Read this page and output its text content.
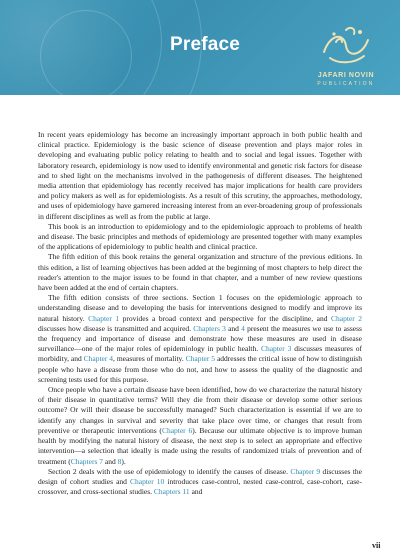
Preface
JAFARI NOVIN
PUBLICATION

In recent years epidemiology has become an increasingly important approach in both public health and clinical practice. Epidemiology is the basic science of disease prevention and plays major roles in developing and evaluating public policy relating to health and to social and legal issues. Together with laboratory research, epidemiology is now used to identify environmental and genetic risk factors for disease and to shed light on the mechanisms involved in the pathogenesis of different diseases. The heightened media attention that epidemiology has recently received has major implications for health care providers and policy makers as well as for epidemiologists. As a result of this scrutiny, the approaches, methodology, and uses of epidemiology have garnered increasing interest from an ever-broadening group of professionals in different disciplines as well as from the public at large.

This book is an introduction to epidemiology and to the epidemiologic approach to problems of health and disease. The basic principles and methods of epidemiology are presented together with many examples of the applications of epidemiology to public health and clinical practice.

The fifth edition of this book retains the general organization and structure of the previous editions. In this edition, a list of learning objectives has been added at the beginning of most chapters to help direct the reader's attention to the major issues to be found in that chapter, and a number of new review questions have been added at the end of certain chapters.

The fifth edition consists of three sections. Section 1 focuses on the epidemiologic approach to understanding disease and to developing the basis for interventions designed to modify and improve its natural history. Chapter 1 provides a broad context and perspective for the discipline, and Chapter 2 discusses how disease is transmitted and acquired. Chapters 3 and 4 present the measures we use to assess the frequency and importance of disease and demonstrate how these measures are used in disease surveillance—one of the major roles of epidemiology in public health. Chapter 3 discusses measures of morbidity, and Chapter 4, measures of mortality. Chapter 5 addresses the critical issue of how to distinguish people who have a disease from those who do not, and how to assess the quality of the diagnostic and screening tests used for this purpose.

Once people who have a certain disease have been identified, how do we characterize the natural history of their disease in quantitative terms? Will they die from their disease or develop some other serious outcome? Or will their disease be successfully managed? Such characterization is essential if we are to identify any changes in survival and severity that take place over time, or changes that result from preventive or therapeutic interventions (Chapter 6). Because our ultimate objective is to improve human health by modifying the natural history of disease, the next step is to select an appropriate and effective intervention—a selection that ideally is made using the results of randomized trials of prevention and of treatment (Chapters 7 and 8).

Section 2 deals with the use of epidemiology to identify the causes of disease. Chapter 9 discusses the design of cohort studies and Chapter 10 introduces case-control, nested case-control, case-cohort, case-crossover, and cross-sectional studies. Chapters 11 and

vii
